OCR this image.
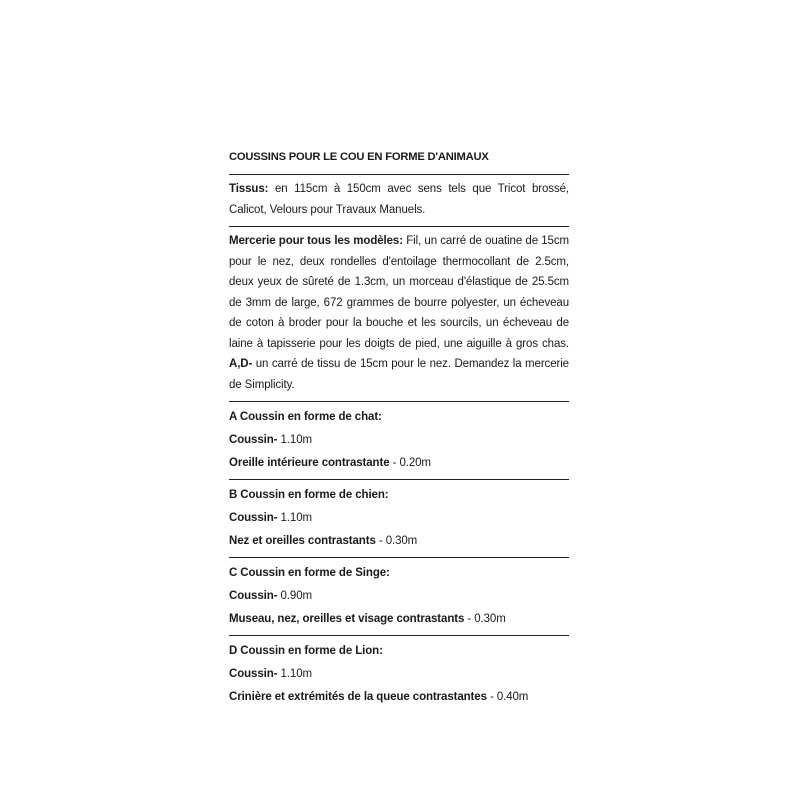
COUSSINS POUR LE COU EN FORME D'ANIMAUX
Tissus: en 115cm à 150cm avec sens tels que Tricot brossé, Calicot, Velours pour Travaux Manuels.
Mercerie pour tous les modèles: Fil, un carré de ouatine de 15cm pour le nez, deux rondelles d'entoilage thermocollant de 2.5cm, deux yeux de sûreté de 1.3cm, un morceau d'élastique de 25.5cm de 3mm de large, 672 grammes de bourre polyester, un écheveau de coton à broder pour la bouche et les sourcils, un écheveau de laine à tapisserie pour les doigts de pied, une aiguille à gros chas. A,D- un carré de tissu de 15cm pour le nez. Demandez la mercerie de Simplicity.
A Coussin en forme de chat:
Coussin- 1.10m
Oreille intérieure contrastante - 0.20m
B Coussin en forme de chien:
Coussin- 1.10m
Nez et oreilles contrastants - 0.30m
C Coussin en forme de Singe:
Coussin- 0.90m
Museau, nez, oreilles et visage contrastants - 0.30m
D Coussin en forme de Lion:
Coussin- 1.10m
Crinière et extrémités de la queue contrastantes - 0.40m
